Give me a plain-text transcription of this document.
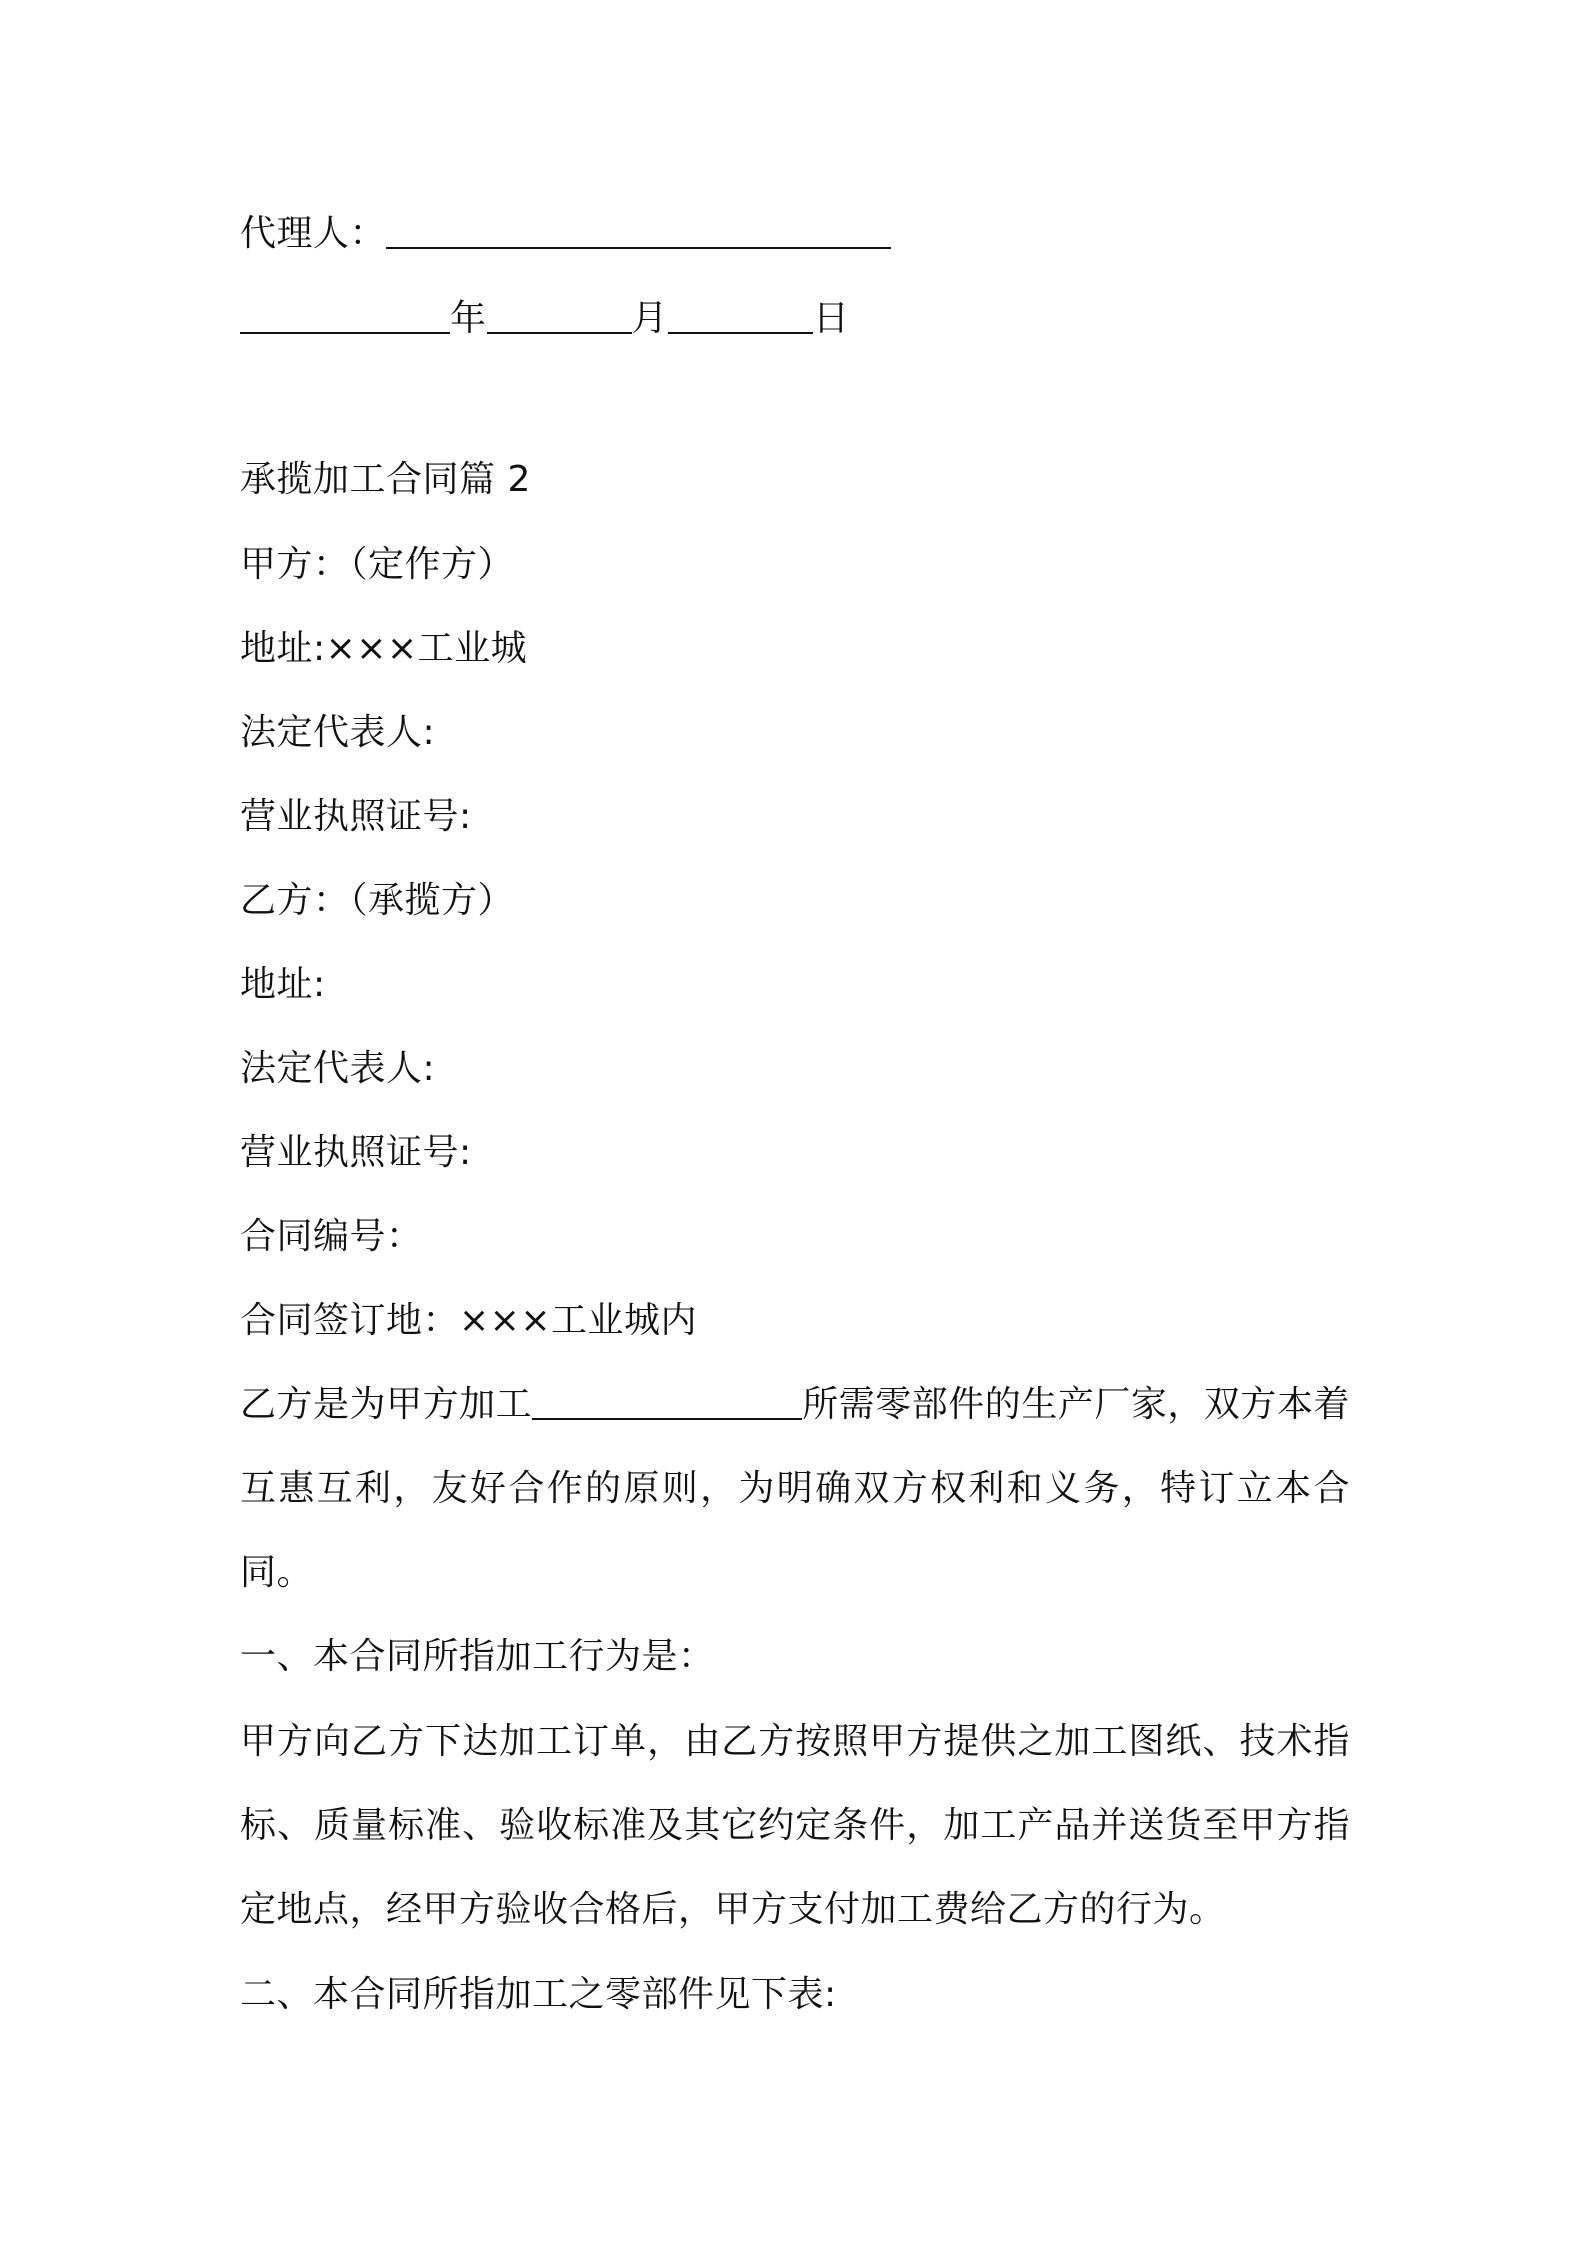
代理人：
年	月	日
承揽加工合同篇 2
甲方：（定作方）
地址:×××工业城
法定代表人:
营业执照证号:
乙方：（承揽方）
地址:
法定代表人:
营业执照证号:
合同编号：
合同签订地：×××工业城内
乙方是为甲方加工	所需零部件的生产厂家，双方本着互惠互利，友好合作的原则，为明确双方权利和义务，特订立本合同。
一、本合同所指加工行为是：
甲方向乙方下达加工订单，由乙方按照甲方提供之加工图纸、技术指标、质量标准、验收标准及其它约定条件，加工产品并送货至甲方指定地点，经甲方验收合格后，甲方支付加工费给乙方的行为。
二、本合同所指加工之零部件见下表:
